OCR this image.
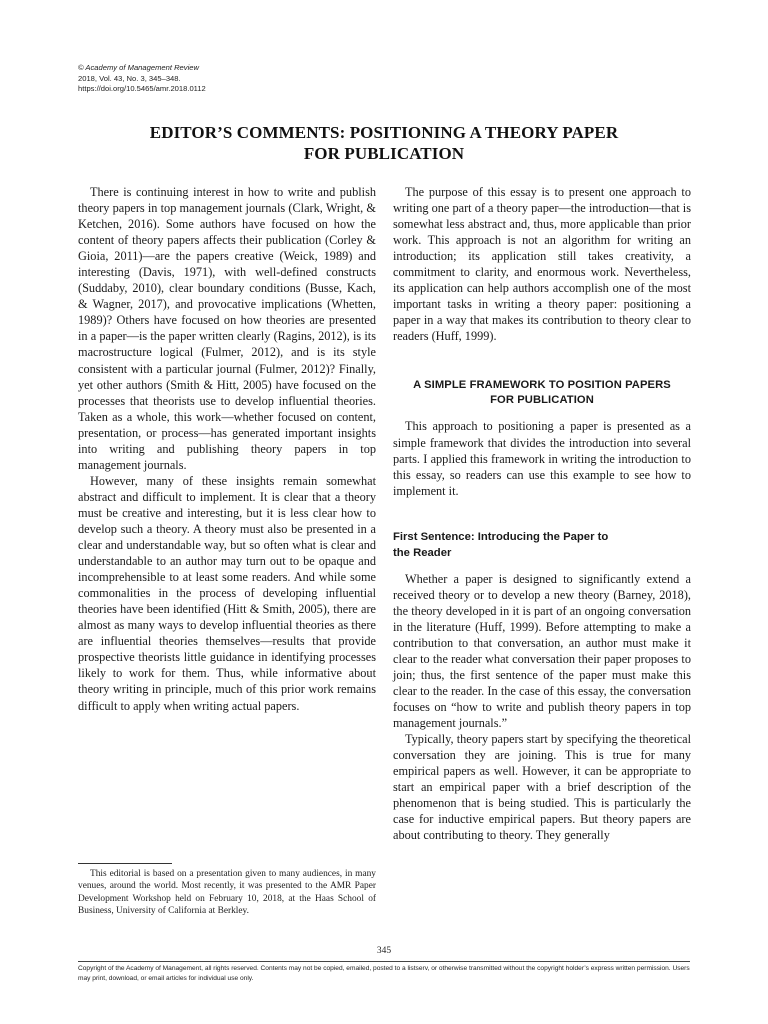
© Academy of Management Review
2018, Vol. 43, No. 3, 345–348.
https://doi.org/10.5465/amr.2018.0112
EDITOR’S COMMENTS: POSITIONING A THEORY PAPER
FOR PUBLICATION

There is continuing interest in how to write and publish theory papers in top management journals (Clark, Wright, & Ketchen, 2016). Some authors have focused on how the content of theory papers affects their publication (Corley & Gioia, 2011)—are the papers creative (Weick, 1989) and interesting (Davis, 1971), with well-defined constructs (Suddaby, 2010), clear boundary conditions (Busse, Kach, & Wagner, 2017), and provocative implications (Whetten, 1989)? Others have focused on how theories are presented in a paper—is the paper written clearly (Ragins, 2012), is its macrostructure logical (Fulmer, 2012), and is its style consistent with a particular journal (Fulmer, 2012)? Finally, yet other authors (Smith & Hitt, 2005) have focused on the processes that theorists use to develop influential theories. Taken as a whole, this work—whether focused on content, presentation, or process—has generated important insights into writing and publishing theory papers in top management journals.

However, many of these insights remain somewhat abstract and difficult to implement. It is clear that a theory must be creative and interesting, but it is less clear how to develop such a theory. A theory must also be presented in a clear and understandable way, but so often what is clear and understandable to an author may turn out to be opaque and incomprehensible to at least some readers. And while some commonalities in the process of developing influential theories have been identified (Hitt & Smith, 2005), there are almost as many ways to develop influential theories as there are influential theories themselves—results that provide prospective theorists little guidance in identifying processes likely to work for them. Thus, while informative about theory writing in principle, much of this prior work remains difficult to apply when writing actual papers.

The purpose of this essay is to present one approach to writing one part of a theory paper—the introduction—that is somewhat less abstract and, thus, more applicable than prior work. This approach is not an algorithm for writing an introduction; its application still takes creativity, a commitment to clarity, and enormous work. Nevertheless, its application can help authors accomplish one of the most important tasks in writing a theory paper: positioning a paper in a way that makes its contribution to theory clear to readers (Huff, 1999).

A SIMPLE FRAMEWORK TO POSITION PAPERS
FOR PUBLICATION

This approach to positioning a paper is presented as a simple framework that divides the introduction into several parts. I applied this framework in writing the introduction to this essay, so readers can use this example to see how to implement it.

First Sentence: Introducing the Paper to
the Reader

Whether a paper is designed to significantly extend a received theory or to develop a new theory (Barney, 2018), the theory developed in it is part of an ongoing conversation in the literature (Huff, 1999). Before attempting to make a contribution to that conversation, an author must make it clear to the reader what conversation their paper proposes to join; thus, the first sentence of the paper must make this clear to the reader. In the case of this essay, the conversation focuses on “how to write and publish theory papers in top management journals.”

Typically, theory papers start by specifying the theoretical conversation they are joining. This is true for many empirical papers as well. However, it can be appropriate to start an empirical paper with a brief description of the phenomenon that is being studied. This is particularly the case for inductive empirical papers. But theory papers are about contributing to theory. They generally

This editorial is based on a presentation given to many audiences, in many venues, around the world. Most recently, it was presented to the AMR Paper Development Workshop held on February 10, 2018, at the Haas School of Business, University of California at Berkley.
345
Copyright of the Academy of Management, all rights reserved. Contents may not be copied, emailed, posted to a listserv, or otherwise transmitted without the copyright holder’s express written permission. Users may print, download, or email articles for individual use only.
